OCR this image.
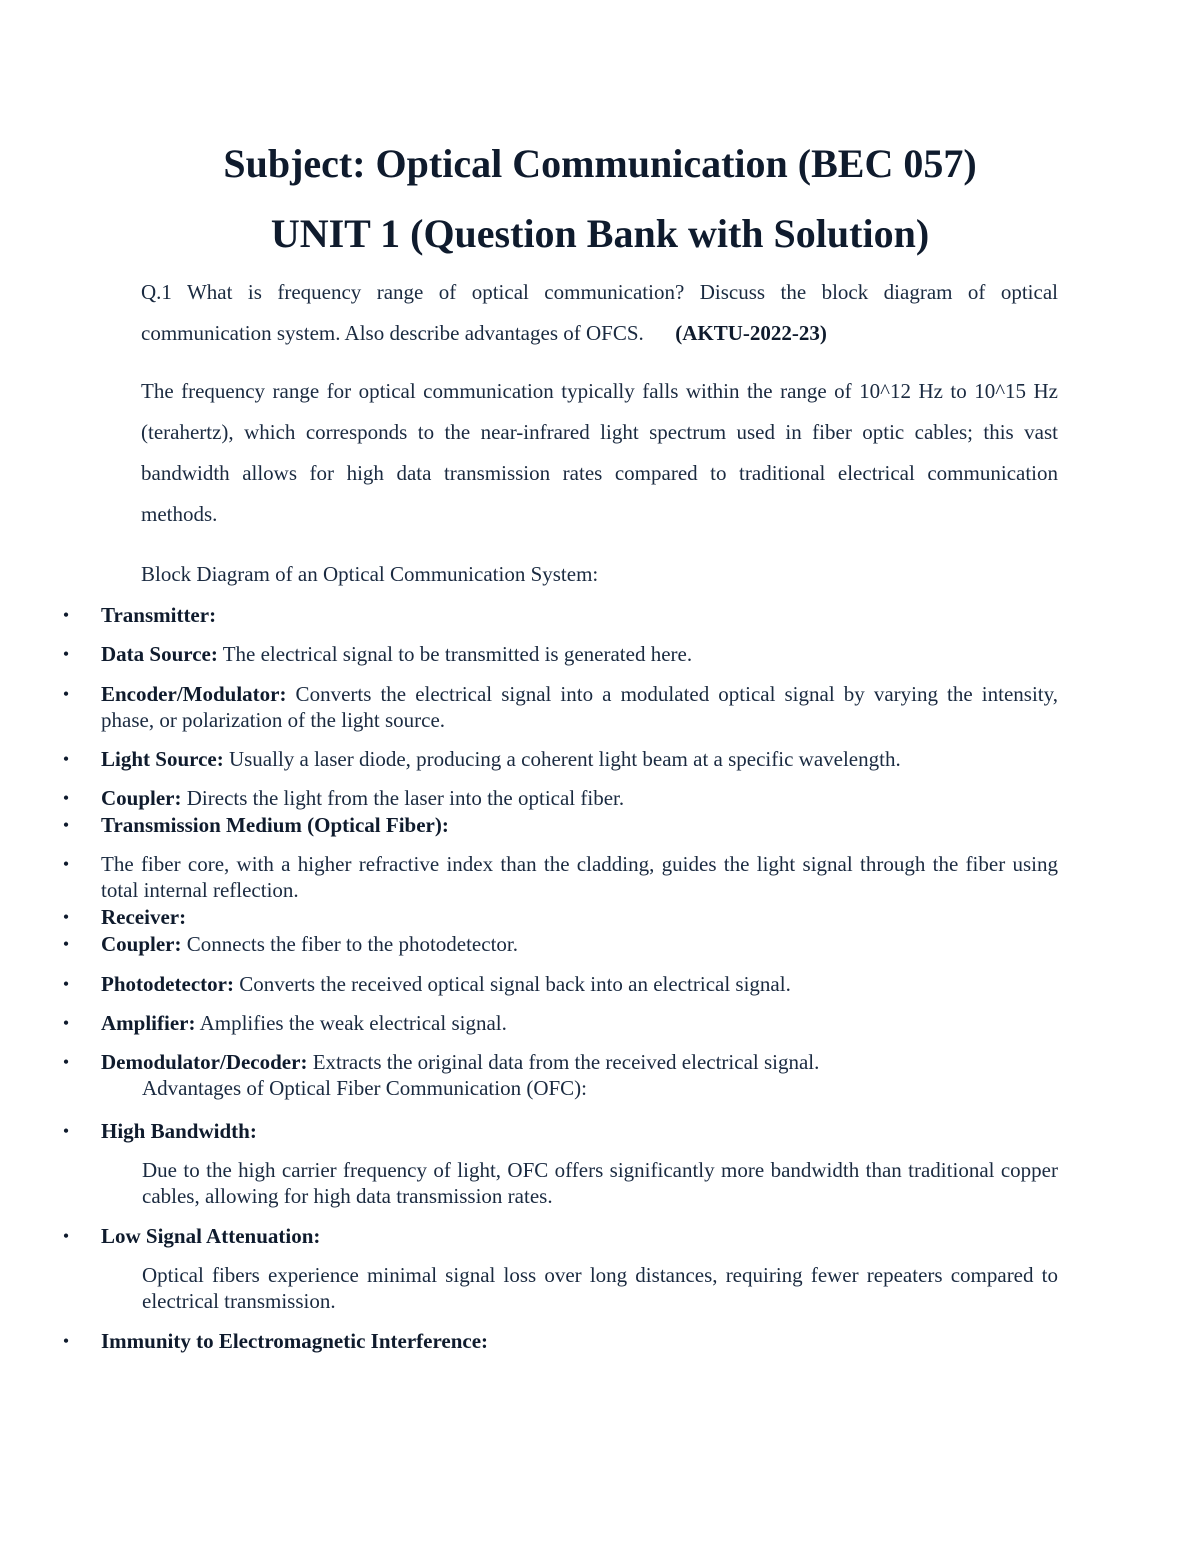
Subject: Optical Communication (BEC 057)
UNIT 1 (Question Bank with Solution)

Q.1 What is frequency range of optical communication? Discuss the block diagram of optical communication system. Also describe advantages of OFCS. (AKTU-2022-23)

The frequency range for optical communication typically falls within the range of 10^12 Hz to 10^15 Hz (terahertz), which corresponds to the near-infrared light spectrum used in fiber optic cables; this vast bandwidth allows for high data transmission rates compared to traditional electrical communication methods.

Block Diagram of an Optical Communication System:

• Transmitter:
• Data Source: The electrical signal to be transmitted is generated here.
• Encoder/Modulator: Converts the electrical signal into a modulated optical signal by varying the intensity, phase, or polarization of the light source.
• Light Source: Usually a laser diode, producing a coherent light beam at a specific wavelength.
• Coupler: Directs the light from the laser into the optical fiber.
• Transmission Medium (Optical Fiber):
• The fiber core, with a higher refractive index than the cladding, guides the light signal through the fiber using total internal reflection.
• Receiver:
• Coupler: Connects the fiber to the photodetector.
• Photodetector: Converts the received optical signal back into an electrical signal.
• Amplifier: Amplifies the weak electrical signal.
• Demodulator/Decoder: Extracts the original data from the received electrical signal.

Advantages of Optical Fiber Communication (OFC):

• High Bandwidth:
• Low Signal Attenuation:
• Immunity to Electromagnetic Interference:

Due to the high carrier frequency of light, OFC offers significantly more bandwidth than traditional copper cables, allowing for high data transmission rates.

Optical fibers experience minimal signal loss over long distances, requiring fewer repeaters compared to electrical transmission.
